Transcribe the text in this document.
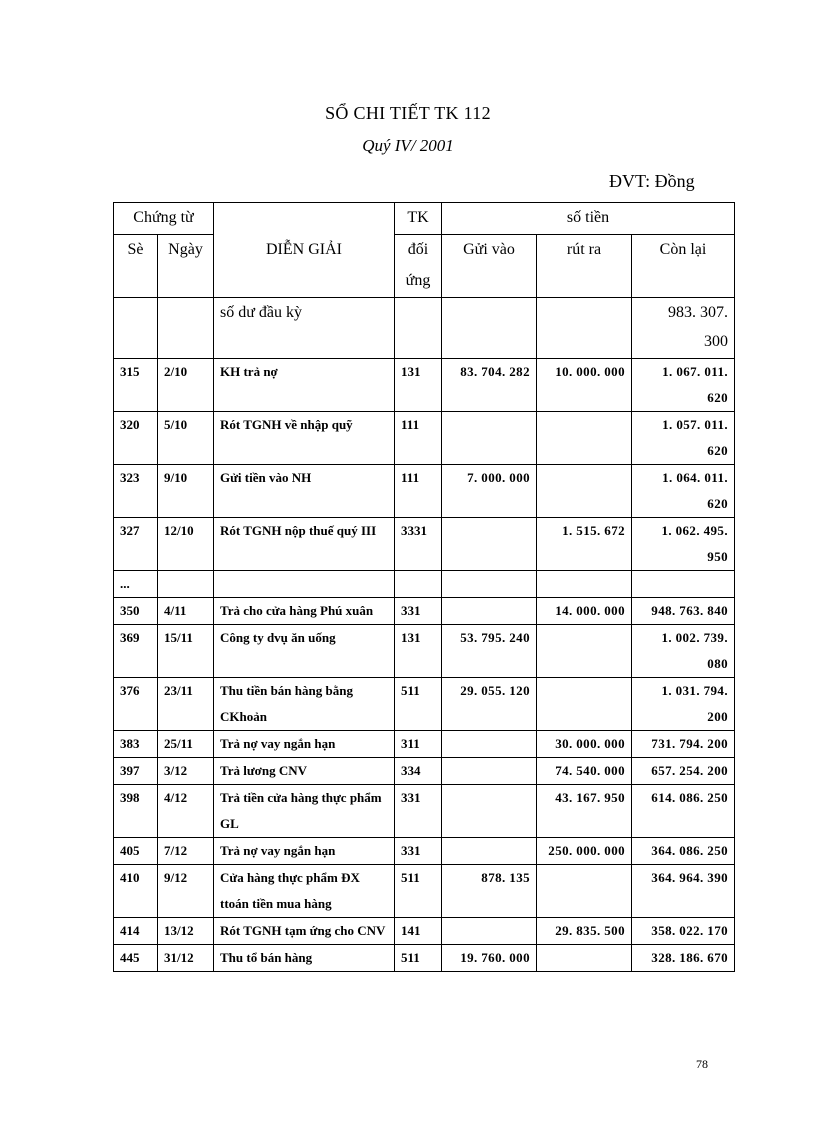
SỔ CHI TIẾT TK 112
Quý IV/ 2001
ĐVT: Đồng
Chứng từ		DIỄN GIẢI	TK	số tiền		
Sè	Ngày		đối	Gửi vào	rút ra	Còn lại
			ứng			
		số dư đầu kỳ				983. 307.
300
315	2/10	KH trả nợ	131	83. 704. 282	10. 000. 000	1. 067. 011. 620
320	5/10	Rót TGNH về nhập quỹ	111			1. 057. 011. 620
323	9/10	Gửi tiền vào NH	111	7. 000. 000		1. 064. 011. 620
327	12/10	Rót TGNH nộp thuế quý III	3331		1. 515. 672	1. 062. 495. 950
...						
350	4/11	Trả cho cửa hàng Phú xuân	331		14. 000. 000	948. 763. 840
369	15/11	Công ty dvụ ăn uống	131	53. 795. 240		1. 002. 739. 080
376	23/11	Thu tiền bán hàng bằng CKhoản	511	29. 055. 120		1. 031. 794. 200
383	25/11	Trả nợ vay ngắn hạn	311		30. 000. 000	731. 794. 200
397	3/12	Trả lương CNV	334		74. 540. 000	657. 254. 200
398	4/12	Trả tiền cửa hàng thực phẩm GL	331		43. 167. 950	614. 086. 250
405	7/12	Trả nợ vay ngắn hạn	331		250. 000. 000	364. 086. 250
410	9/12	Cửa hàng thực phẩm ĐX ttoán tiền mua hàng	511	878. 135		364. 964. 390
414	13/12	Rót TGNH tạm ứng cho CNV	141		29. 835. 500	358. 022. 170
445	31/12	Thu tổ bán hàng	511	19. 760. 000		328. 186. 670
78
